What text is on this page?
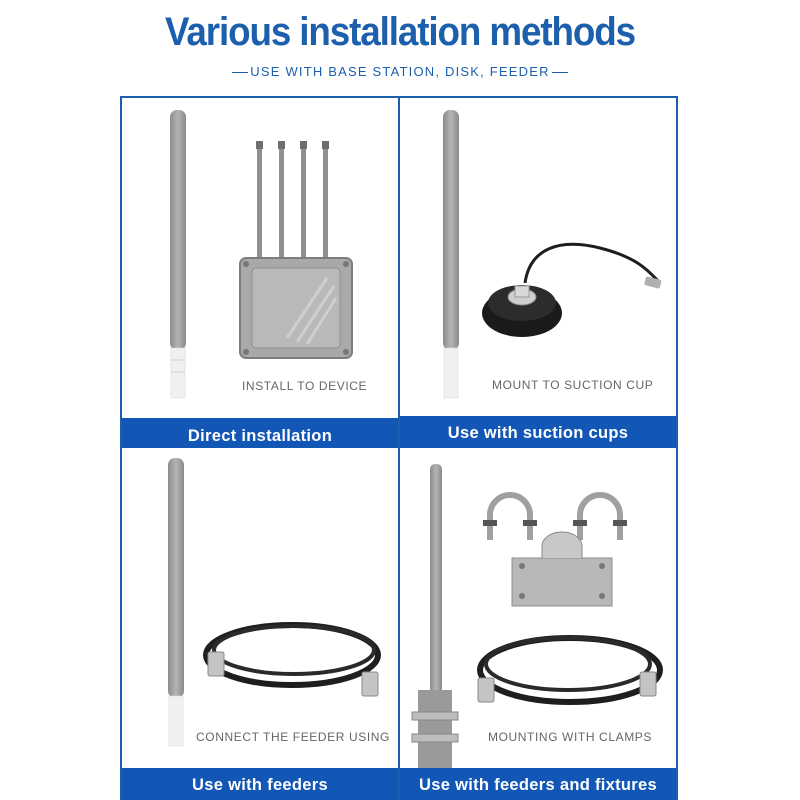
Various installation methods
USE WITH BASE STATION, DISK, FEEDER
INSTALL TO DEVICE
Direct installation
MOUNT TO SUCTION CUP
Use with suction cups
CONNECT THE FEEDER USING
Use with feeders
MOUNTING WITH CLAMPS
Use with feeders and fixtures
